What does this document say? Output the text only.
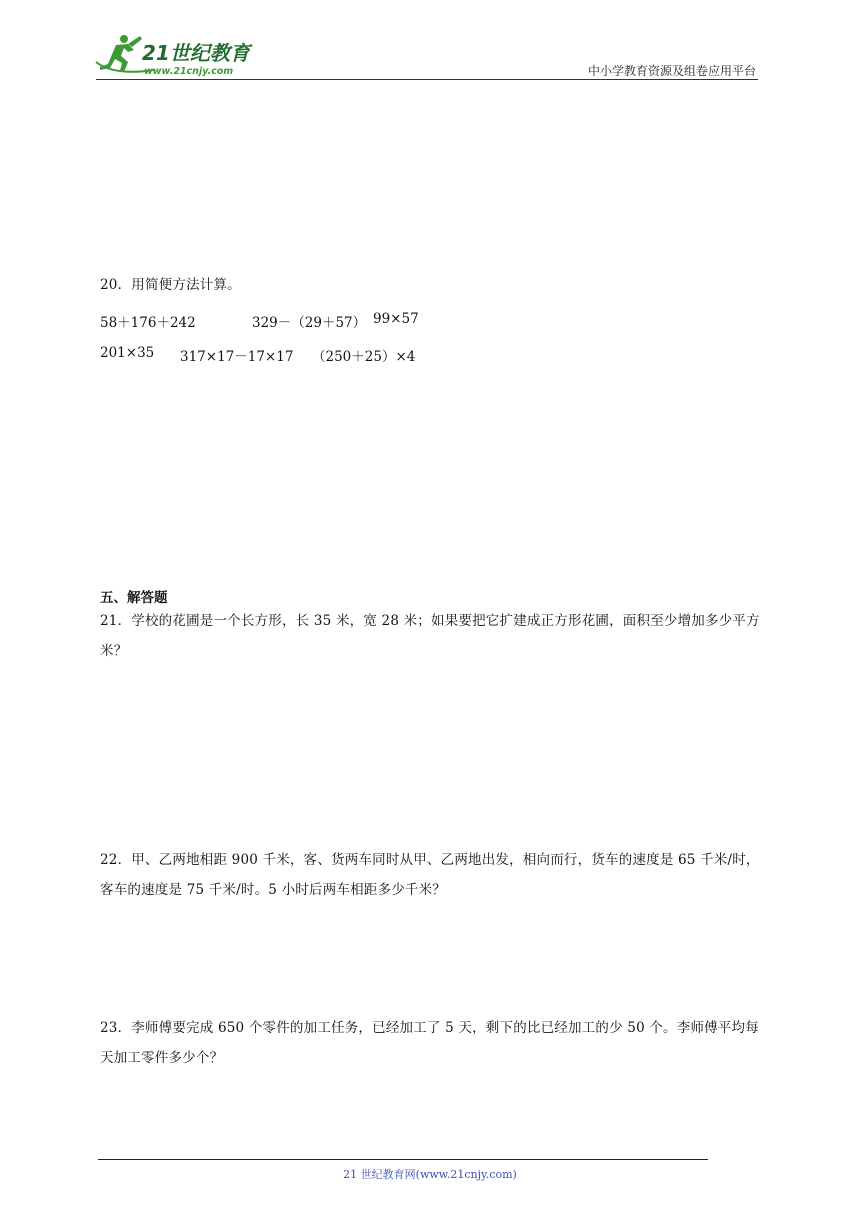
21世纪教育
www.21cnjy.com	中小学教育资源及组卷应用平台
20．用简便方法计算。
58＋176＋242	329－（29＋57） 99×57
201×35 317×17－17×17 （250＋25）×4
五、解答题
21．学校的花圃是一个长方形，长 35 米，宽 28 米；如果要把它扩建成正方形花圃，面积至少增加多少平方米？
22．甲、乙两地相距 900 千米，客、货两车同时从甲、乙两地出发，相向而行，货车的速度是 65 千米/时，客车的速度是 75 千米/时。5 小时后两车相距多少千米？
23．李师傅要完成 650 个零件的加工任务，已经加工了 5 天，剩下的比已经加工的少 50 个。李师傅平均每天加工零件多少个？
21 世纪教育网(www.21cnjy.com)
